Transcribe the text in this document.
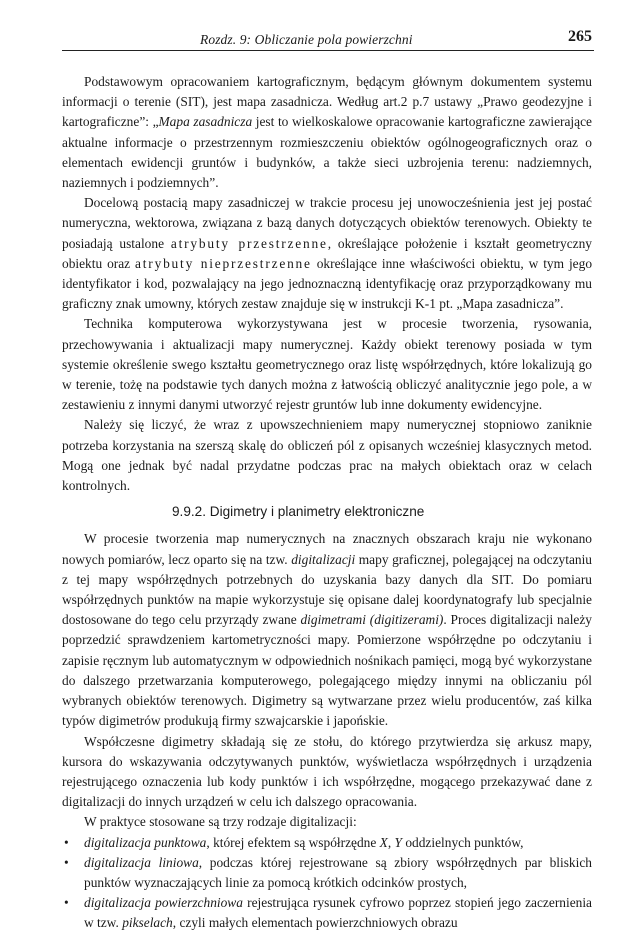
Rozdz. 9: Obliczanie pola powierzchni	265

Podstawowym opracowaniem kartograficznym, będącym głównym dokumentem systemu informacji o terenie (SIT), jest mapa zasadnicza. Według art.2 p.7 ustawy „Prawo geodezyjne i kartograficzne”: „Mapa zasadnicza jest to wielkoskalowe opracowanie kartograficzne zawierające aktualne informacje o przestrzennym rozmieszczeniu obiektów ogólnogeograficznych oraz o elementach ewidencji gruntów i budynków, a także sieci uzbrojenia terenu: nadziemnych, naziemnych i podziemnych”.

Docelową postacią mapy zasadniczej w trakcie procesu jej unowocześnienia jest jej postać numeryczna, wektorowa, związana z bazą danych dotyczących obiektów terenowych. Obiekty te posiadają ustalone atrybuty przestrzenne, określające położenie i kształt geometryczny obiektu oraz atrybuty nieprzestrzenne określające inne właściwości obiektu, w tym jego identyfikator i kod, pozwalający na jego jednoznaczną identyfikację oraz przyporządkowany mu graficzny znak umowny, których zestaw znajduje się w instrukcji K-1 pt. „Mapa zasadnicza”.

Technika komputerowa wykorzystywana jest w procesie tworzenia, rysowania, przechowywania i aktualizacji mapy numerycznej. Każdy obiekt terenowy posiada w tym systemie określenie swego kształtu geometrycznego oraz listę współrzędnych, które lokalizują go w terenie, tożę na podstawie tych danych można z łatwością obliczyć analitycznie jego pole, a w zestawieniu z innymi danymi utworzyć rejestr gruntów lub inne dokumenty ewidencyjne.

Należy się liczyć, że wraz z upowszechnieniem mapy numerycznej stopniowo zaniknie potrzeba korzystania na szerszą skalę do obliczeń pól z opisanych wcześniej klasycznych metod. Mogą one jednak być nadal przydatne podczas prac na małych obiektach oraz w celach kontrolnych.

9.9.2. Digimetry i planimetry elektroniczne

W procesie tworzenia map numerycznych na znacznych obszarach kraju nie wykonano nowych pomiarów, lecz oparto się na tzw. digitalizacji mapy graficznej, polegającej na odczytaniu z tej mapy współrzędnych potrzebnych do uzyskania bazy danych dla SIT. Do pomiaru współrzędnych punktów na mapie wykorzystuje się opisane dalej koordynatografy lub specjalnie dostosowane do tego celu przyrządy zwane digimetrami (digitizerami). Proces digitalizacji należy poprzedzić sprawdzeniem kartometryczności mapy. Pomierzone współrzędne po odczytaniu i zapisie ręcznym lub automatycznym w odpowiednich nośnikach pamięci, mogą być wykorzystane do dalszego przetwarzania komputerowego, polegającego między innymi na obliczaniu pól wybranych obiektów terenowych. Digimetry są wytwarzane przez wielu producentów, zaś kilka typów digimetrów produkują firmy szwajcarskie i japońskie.

Współczesne digimetry składają się ze stołu, do którego przytwierdza się arkusz mapy, kursora do wskazywania odczytywanych punktów, wyświetlacza współrzędnych i urządzenia rejestrującego oznaczenia lub kody punktów i ich współrzędne, mogącego przekazywać dane z digitalizacji do innych urządzeń w celu ich dalszego opracowania.

W praktyce stosowane są trzy rodzaje digitalizacji:

• digitalizacja punktowa, której efektem są współrzędne X, Y oddzielnych punktów,
• digitalizacja liniowa, podczas której rejestrowane są zbiory współrzędnych par bliskich punktów wyznaczających linie za pomocą krótkich odcinków prostych,
• digitalizacja powierzchniowa rejestrująca rysunek cyfrowo poprzez stopień jego zaczernienia w tzw. pikselach, czyli małych elementach powierzchniowych obrazu
